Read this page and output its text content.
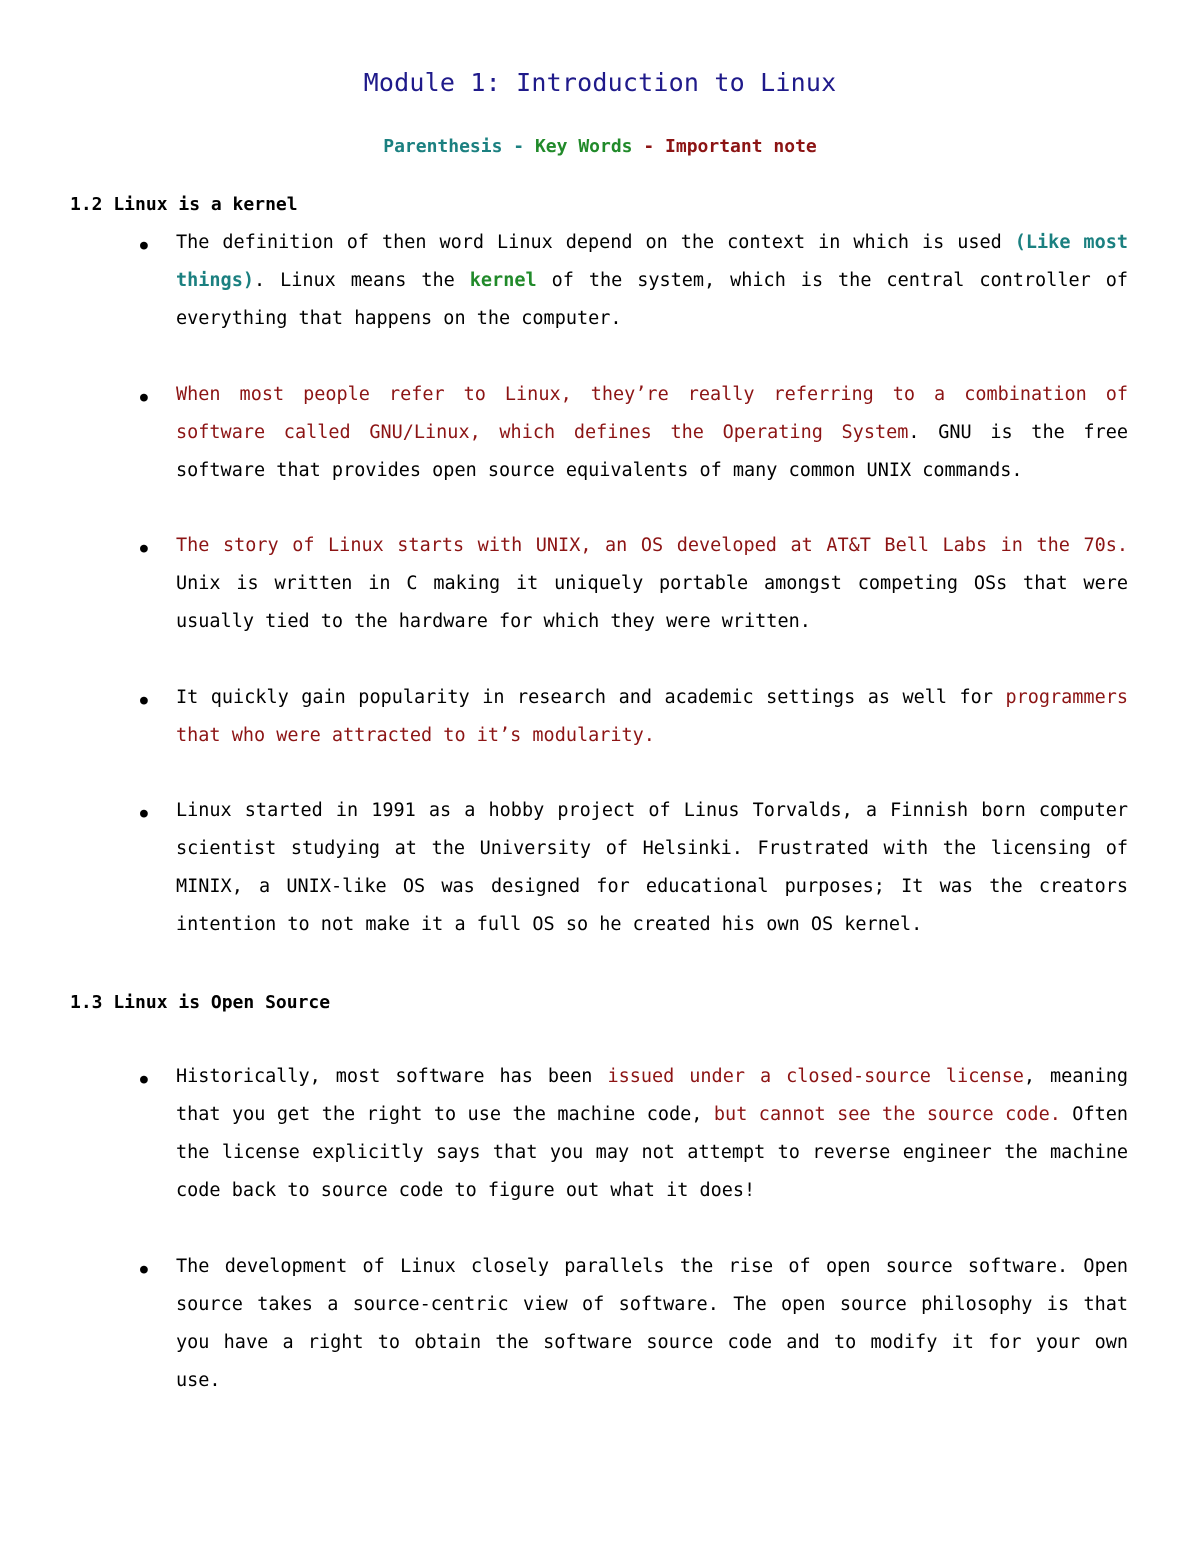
Module 1: Introduction to Linux
Parenthesis - Key Words - Important note
1.2 Linux is a kernel
● The definition of then word Linux depend on the context in which is used (Like most things). Linux means the kernel of the system, which is the central controller of everything that happens on the computer.

● When most people refer to Linux, they’re really referring to a combination of software called GNU/Linux, which defines the Operating System. GNU is the free software that provides open source equivalents of many common UNIX commands.

● The story of Linux starts with UNIX, an OS developed at AT&T Bell Labs in the 70s. Unix is written in C making it uniquely portable amongst competing OSs that were usually tied to the hardware for which they were written.

● It quickly gain popularity in research and academic settings as well for programmers that who were attracted to it’s modularity.

● Linux started in 1991 as a hobby project of Linus Torvalds, a Finnish born computer scientist studying at the University of Helsinki. Frustrated with the licensing of MINIX, a UNIX-like OS was designed for educational purposes; It was the creators intention to not make it a full OS so he created his own OS kernel.

1.3 Linux is Open Source
● Historically, most software has been issued under a closed-source license, meaning that you get the right to use the machine code, but cannot see the source code. Often the license explicitly says that you may not attempt to reverse engineer the machine code back to source code to figure out what it does!

● The development of Linux closely parallels the rise of open source software. Open source takes a source-centric view of software. The open source philosophy is that you have a right to obtain the software source code and to modify it for your own use.
